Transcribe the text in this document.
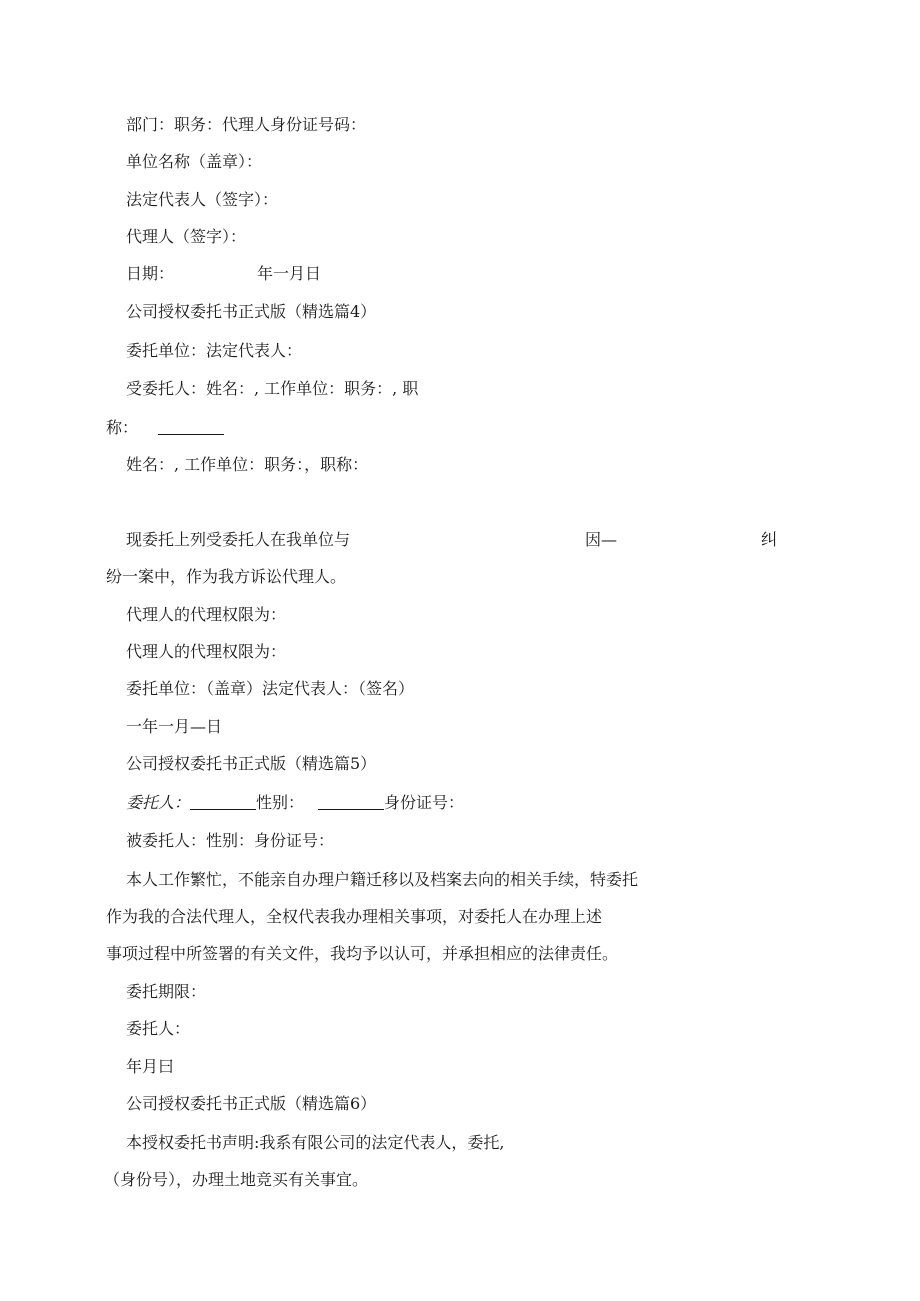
部门：职务：代理人身份证号码：
单位名称（盖章）：
法定代表人（签字）：
代理人（签字）：
日期：	年一月日
公司授权委托书正式版（精选篇4）
委托单位：法定代表人：
受委托人：姓名：, 工作单位：职务：, 职
称：
姓名：, 工作单位：职务：，职称：
现委托上列受委托人在我单位与	因—	纠
纷一案中，作为我方诉讼代理人。
代理人的代理权限为：
代理人的代理权限为：
委托单位：（盖章）法定代表人：（签名）
一年一月—日
公司授权委托书正式版（精选篇5）
委托人：	性别：	身份证号：
被委托人：性别：身份证号：
本人工作繁忙，不能亲自办理户籍迁移以及档案去向的相关手续，特委托
作为我的合法代理人，全权代表我办理相关事项，对委托人在办理上述
事项过程中所签署的有关文件，我均予以认可，并承担相应的法律责任。
委托期限：
委托人：
年月曰
公司授权委托书正式版（精选篇6）
本授权委托书声明:我系有限公司的法定代表人，委托,
（身份号），办理土地竞买有关事宜。
